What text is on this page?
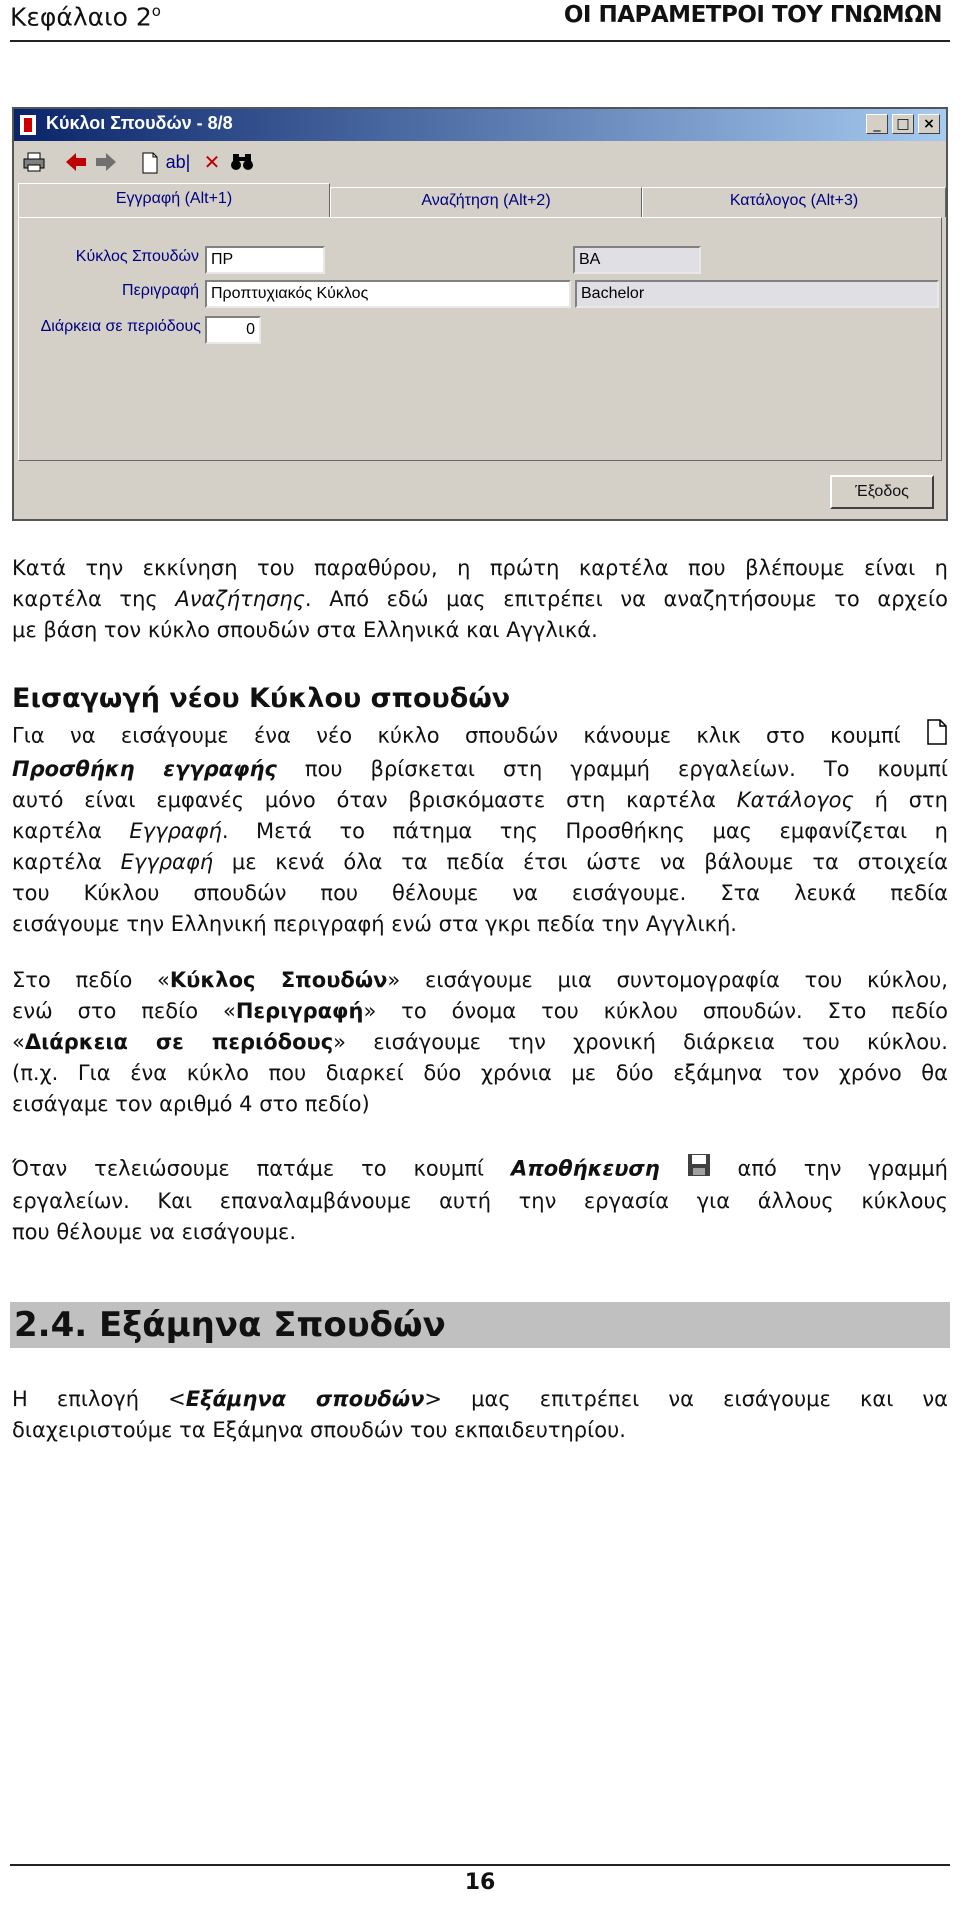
Κεφάλαιο $2^o$	ΟΙ ΠΑΡΑΜΕΤΡΟΙ ΤΟΥ ΓΝΩΜΩΝ
Κύκλοι Σπουδών - 8/8	_	□ ×
ab| ✕
Εγγραφή (Alt+1)	Αναζήτηση (Alt+2)	Κατάλογος (Alt+3)
Κύκλος Σπουδών ΠΡ	BA
Περιγραφή Προπτυχιακός Κύκλος	Bachelor
Διάρκεια σε περιόδους	0
Έξοδος
Κατά την εκκίνηση του παραθύρου, η πρώτη καρτέλα που βλέπουμε είναι η
καρτέλα της Αναζήτησης. Από εδώ μας επιτρέπει να αναζητήσουμε το αρχείο
με βάση τον κύκλο σπουδών στα Ελληνικά και Αγγλικά.
Εισαγωγή νέου Κύκλου σπουδών
Για να εισάγουμε ένα νέο κύκλο σπουδών κάνουμε κλικ στο κουμπί
Προσθήκη εγγραφής που βρίσκεται στη γραμμή εργαλείων. Το κουμπί
αυτό είναι εμφανές μόνο όταν βρισκόμαστε στη καρτέλα Κατάλογος ή στη
καρτέλα Εγγραφή. Μετά το πάτημα της Προσθήκης μας εμφανίζεται η
καρτέλα Εγγραφή με κενά όλα τα πεδία έτσι ώστε να βάλουμε τα στοιχεία
του Κύκλου σπουδών που θέλουμε να εισάγουμε. Στα λευκά πεδία
εισάγουμε την Ελληνική περιγραφή ενώ στα γκρι πεδία την Αγγλική.
Στο πεδίο «Κύκλος Σπουδών» εισάγουμε μια συντομογραφία του κύκλου,
ενώ στο πεδίο «Περιγραφή» το όνομα του κύκλου σπουδών. Στο πεδίο
«Διάρκεια σε περιόδους» εισάγουμε την χρονική διάρκεια του κύκλου.
(π.χ. Για ένα κύκλο που διαρκεί δύο χρόνια με δύο εξάμηνα τον χρόνο θα
εισάγαμε τον αριθμό 4 στο πεδίο)
Όταν τελειώσουμε πατάμε το κουμπί Αποθήκευση  από την γραμμή
εργαλείων. Και επαναλαμβάνουμε αυτή την εργασία για άλλους κύκλους
που θέλουμε να εισάγουμε.
2.4. Εξάμηνα Σπουδών
Η επιλογή <Εξάμηνα σπουδών> μας επιτρέπει να εισάγουμε και να
διαχειριστούμε τα Εξάμηνα σπουδών του εκπαιδευτηρίου.
16
